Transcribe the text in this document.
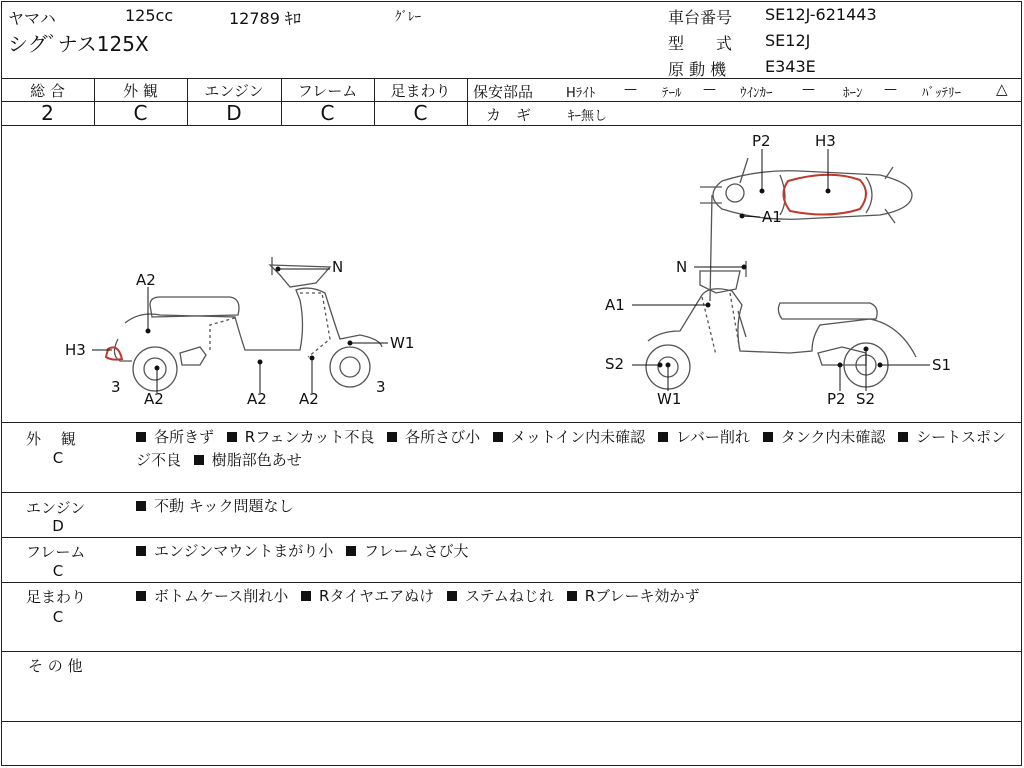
ヤマハ	125cc	12789 ｷﾛ	ｸﾞﾚｰ
シグﾞナス125X
車台番号 SE12J-621443
型　　式 SE12J
原 動 機 E343E
総 合	外 観	エンジン	フレーム	足まわり
2	C	D	C	C
保安部品	Hﾗｲﾄ — ﾃｰﾙ — ｳｲﾝｶｰ — ﾎｰﾝ — ﾊﾞｯﾃﾘｰ △
カ　ギ	ｷｰ無し
P2	H3
A1
A2
N
H3	W1
3
A2	A2 A2
3
N
A1
S2	S1
W1	P2 S2
外　 観
C
各所きず Rフェンカット不良 各所さび小 メットイン内未確認 レバー削れ タンク内未確認 シートスポンジ不良 樹脂部色あせ
エンジン
D
不動 キック問題なし
フレーム
C
エンジンマウントまがり小 フレームさび大
足まわり
C
ボトムケース削れ小 Rタイヤエアぬけ ステムねじれ Rブレーキ効かず
そ の 他
